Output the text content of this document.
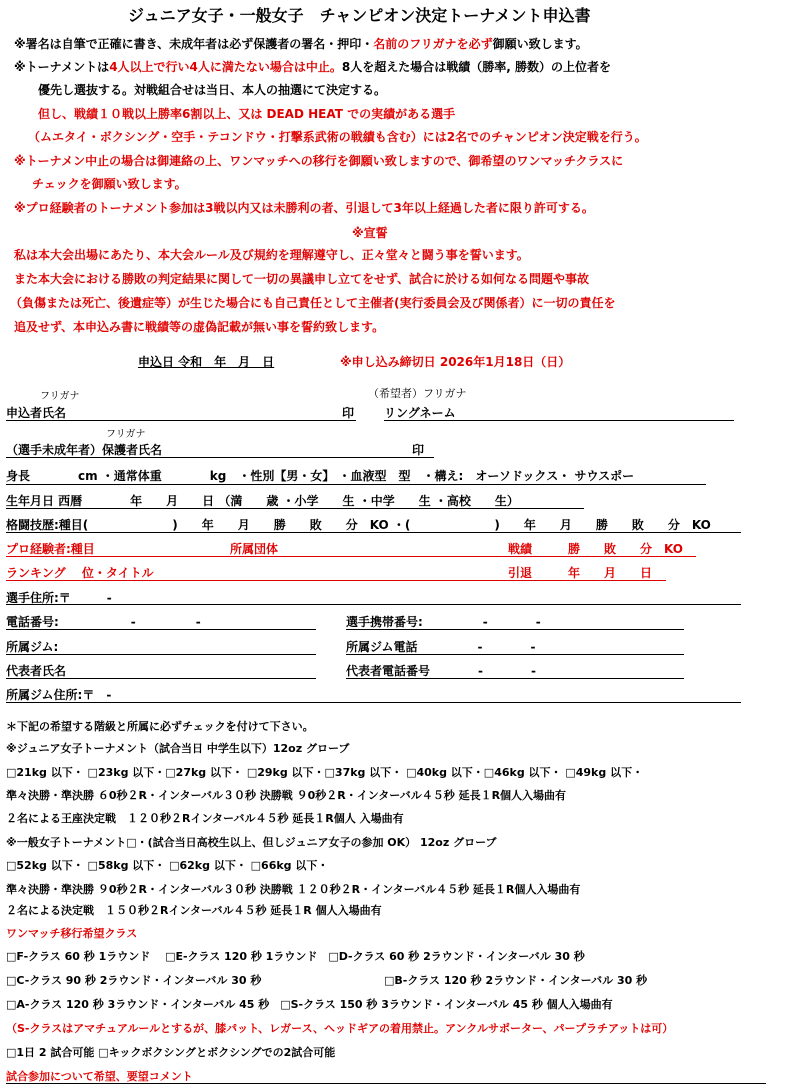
ジュニア女子・一般女子　チャンピオン決定トーナメント申込書
※署名は自筆で正確に書き、未成年者は必ず保護者の署名・押印・名前のフリガナを必ず御願い致します。
※トーナメントは4人以上で行い4人に満たない場合は中止。8人を超えた場合は戦績（勝率, 勝数）の上位者を
優先し選抜する。対戦組合せは当日、本人の抽選にて決定する。
但し、戦績１０戦以上勝率6割以上、又は DEAD HEAT での実績がある選手
（ムエタイ・ボクシング・空手・テコンドウ・打撃系武術の戦績も含む）には2名でのチャンピオン決定戦を行う。
※トーナメン中止の場合は御連絡の上、ワンマッチへの移行を御願い致しますので、御希望のワンマッチクラスに
チェックを御願い致します。
※プロ経験者のトーナメント参加は3戦以内又は未勝利の者、引退して3年以上経過した者に限り許可する。
※宣誓
私は本大会出場にあたり、本大会ルール及び規約を理解遵守し、正々堂々と闘う事を誓います。
また本大会における勝敗の判定結果に関して一切の異議申し立てをせず、試合に於ける如何なる問題や事故
（負傷または死亡、後遺症等）が生じた場合にも自己責任として主催者(実行委員会及び関係者）に一切の責任を
追及せず、本申込み書に戦績等の虚偽記載が無い事を誓約致します。
申込日 令和　年　月　日	※申し込み締切日 2026年1月18日（日）
フリガナ	（希望者）フリガナ
申込者氏名	印 リングネーム
フリガナ
（選手未成年者）保護者氏名	印
身長　　　　cm ・通常体重　　　　kg　・性別【男・女】 ・血液型　型　・構え:　オーソドックス・ サウスポー
生年月日 西暦　　　　年　　月　　日 （満　　歳 ・小学　　生 ・中学　　生 ・高校　　生）
格闘技歴:種目(　　　　　　　)　　年　　月　　勝　　敗　　分　KO ・(　　　　　　　)　　年　　月　　勝　　敗　　分　KO
プロ経験者:種目	所属団体	戦績　　　勝　　敗　　分　KO
ランキング　 位・タイトル	引退　　　年　　月　　日
選手住所:〒　　　-
電話番号:　　　　　　-　　　　　-	選手携帯番号:　　　　　-　　　　-
所属ジム:	所属ジム電話　　　　　-　　　　-
代表者氏名	代表者電話番号　　　　-　　　　-
所属ジム住所:〒　-
＊下記の希望する階級と所属に必ずチェックを付けて下さい。
※ジュニア女子トーナメント（試合当日 中学生以下）12oz グローブ
□21kg 以下・ □23kg 以下・□27kg 以下・ □29kg 以下・□37kg 以下・ □40kg 以下・□46kg 以下・ □49kg 以下・
準々決勝・準決勝 ６0秒２R・インターバル３０秒 決勝戦 ９0秒２R・インターバル４５秒 延長１R個人入場曲有
２名による王座決定戦　１２０秒２Rインターバル４５秒 延長１R個人 入場曲有
※一般女子トーナメント□・(試合当日高校生以上、但しジュニア女子の参加 OK） 12oz グローブ
□52kg 以下・ □58kg 以下・ □62kg 以下・ □66kg 以下・
準々決勝・準決勝 ９0秒２R・インターバル３０秒 決勝戦 １２０秒２R・インターバル４５秒 延長１R個人入場曲有
２名による決定戦　１５０秒２Rインターバル４５秒 延長１R 個人入場曲有
ワンマッチ移行希望クラス
□F-クラス 60 秒 1ラウンド　 □E-クラス 120 秒 1ラウンド　□D-クラス 60 秒 2ラウンド・インターバル 30 秒
□C-クラス 90 秒 2ラウンド・インターバル 30 秒	□B-クラス 120 秒 2ラウンド・インターバル 30 秒
□A-クラス 120 秒 3ラウンド・インターバル 45 秒　□S-クラス 150 秒 3ラウンド・インターバル 45 秒 個人入場曲有
（S-クラスはアマチュアルールとするが、膝パット、レガース、ヘッドギアの着用禁止。アンクルサポーター、パープラチアットは可）
□1日 2 試合可能 □キックボクシングとボクシングでの2試合可能
試合参加について希望、要望コメント
